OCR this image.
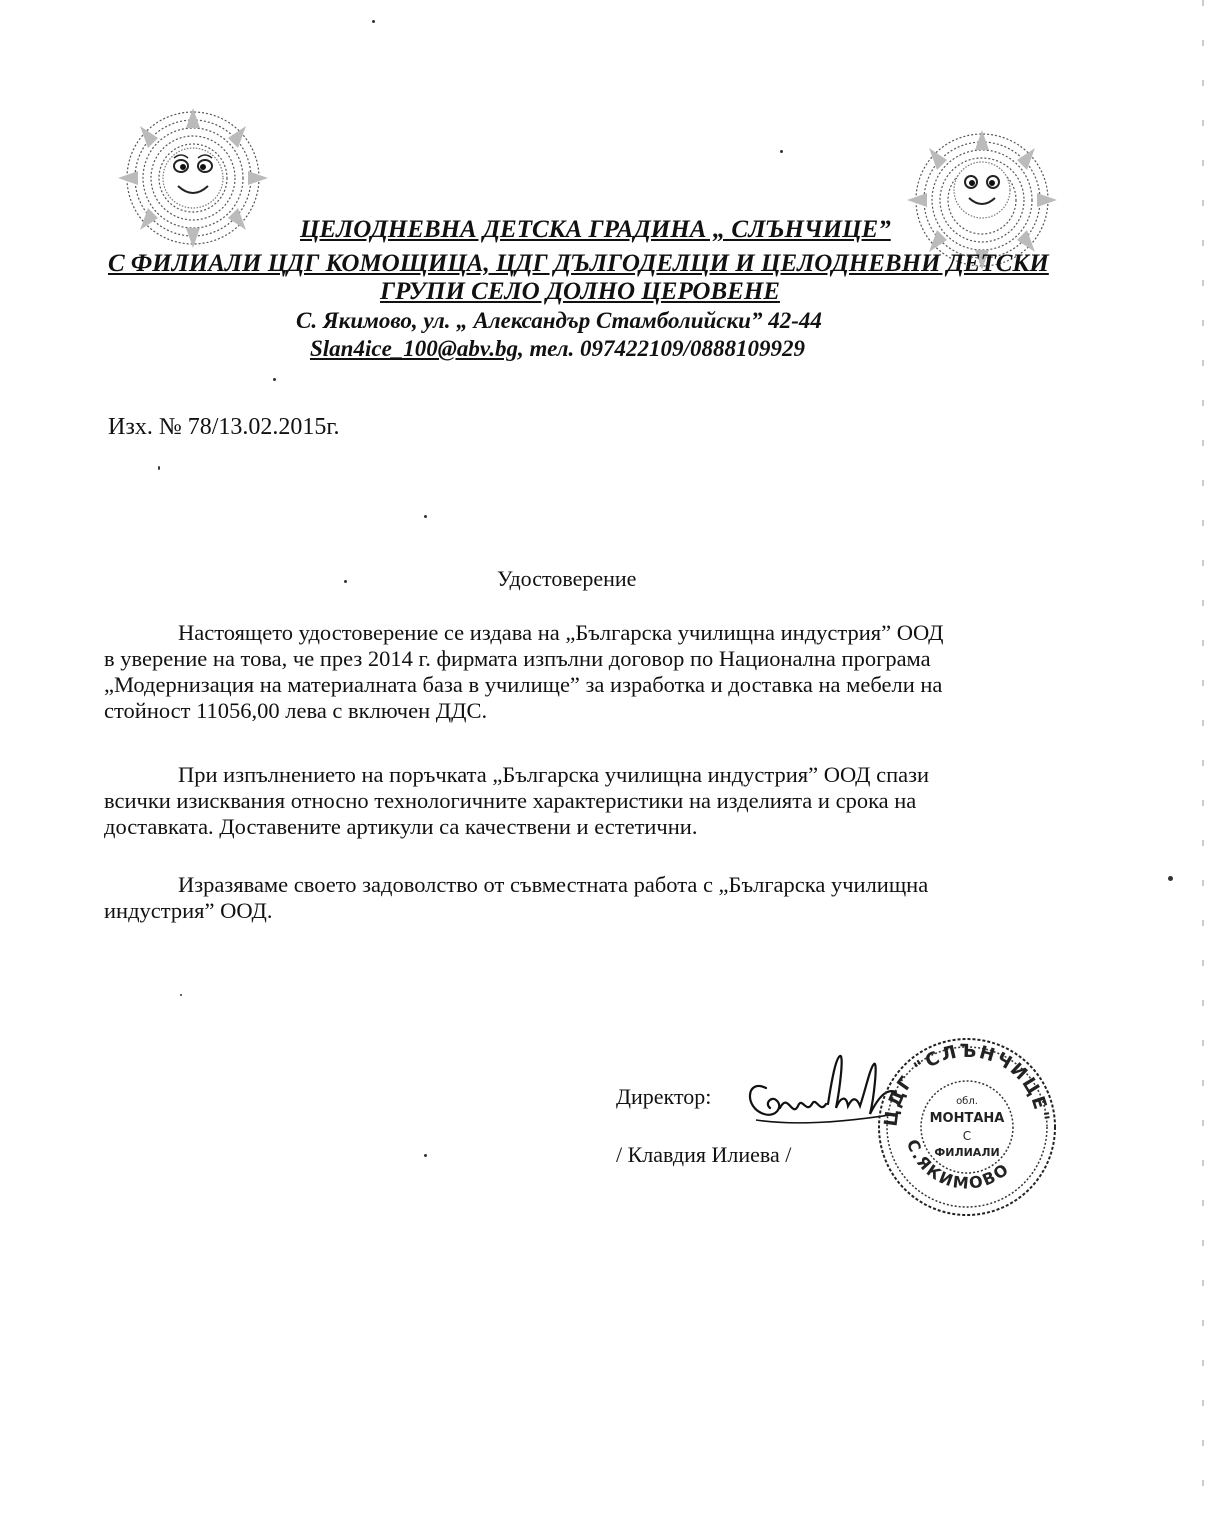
ЦЕЛОДНЕВНА ДЕТСКА ГРАДИНА „ СЛЪНЧИЦЕ”
С ФИЛИАЛИ ЦДГ КОМОЩИЦА, ЦДГ ДЪЛГОДЕЛЦИ И ЦЕЛОДНЕВНИ ДЕТСКИ
ГРУПИ СЕЛО ДОЛНО ЦЕРОВЕНЕ
С. Якимово, ул. „ Александър Стамболийски” 42-44
Slan4ice_100@abv.bg, тел. 097422109/0888109929
Изх. № 78/13.02.2015г.
Удостоверение
Настоящето удостоверение се издава на „Българска училищна индустрия” ООД
в уверение на това, че през 2014 г. фирмата изпълни договор по Национална програма
„Модернизация на материалната база в училище” за изработка и доставка на мебели на
стойност 11056,00 лева с включен ДДС.
При изпълнението на поръчката „Българска училищна индустрия” ООД спази
всички изисквания относно технологичните характеристики на изделията и срока на
доставката. Доставените артикули са качествени и естетични.
Изразяваме своето задоволство от съвместната работа с „Българска училищна
индустрия” ООД.
Директор:
/ Клавдия Илиева /
ЦДГ "СЛЪНЧИЦЕ"
С.ЯКИМОВО
обл.
МОНТАНА
С
ФИЛИАЛИ
